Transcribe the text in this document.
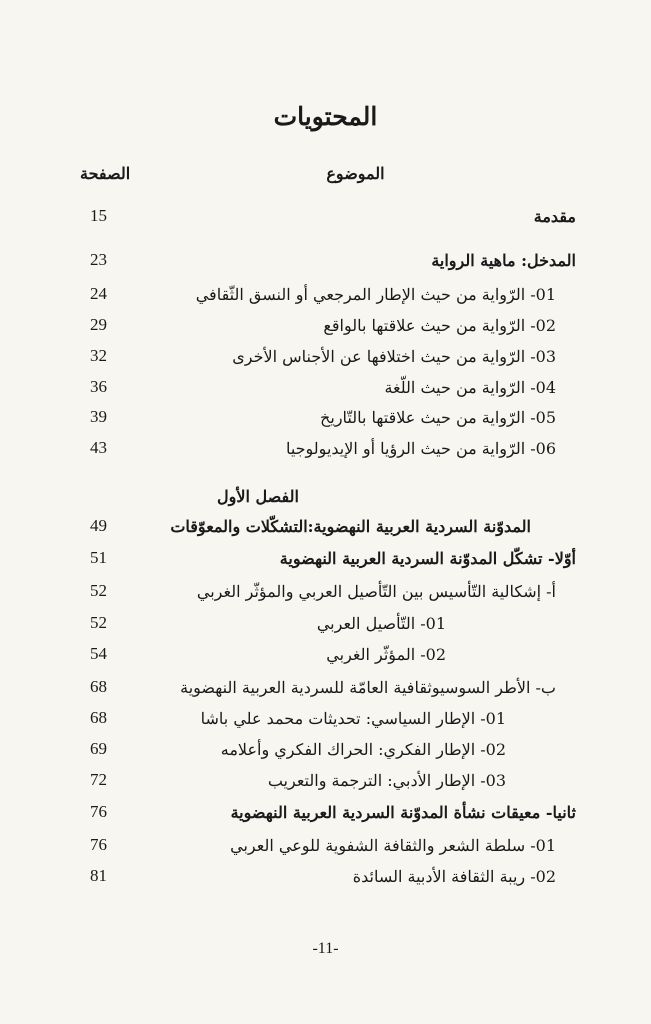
المحتويات
الموضوع
الصفحة
مقدمة
15
المدخل: ماهية الرواية
23
01- الرّواية من حيث الإطار المرجعي أو النسق الثّقافي
24
02- الرّواية من حيث علاقتها بالواقع
29
03- الرّواية من حيث اختلافها عن الأجناس الأخرى
32
04- الرّواية من حيث اللّغة
36
05- الرّواية من حيث علاقتها بالتّاريخ
39
06- الرّواية من حيث الرؤيا أو الإيديولوجيا
43
الفصل الأول
المدوّنة السردية العربية النهضوية:التشكّلات والمعوّقات
49
أوّلا- تشكّل المدوّنة السردية العربية النهضوية
51
أ- إشكالية التّأسيس بين التّأصيل العربي والمؤثّر الغربي
52
01- التّأصيل العربي
52
02- المؤثّر الغربي
54
ب- الأطر السوسيوثقافية العامّة للسردية العربية النهضوية
68
01- الإطار السياسي: تحديثات محمد علي باشا
68
02- الإطار الفكري: الحراك الفكري وأعلامه
69
03- الإطار الأدبي: الترجمة والتعريب
72
ثانيا- معيقات نشأة المدوّنة السردية العربية النهضوية
76
01- سلطة الشعر والثقافة الشفوية للوعي العربي
76
02- ريبة الثقافة الأدبية السائدة
81
-11-
